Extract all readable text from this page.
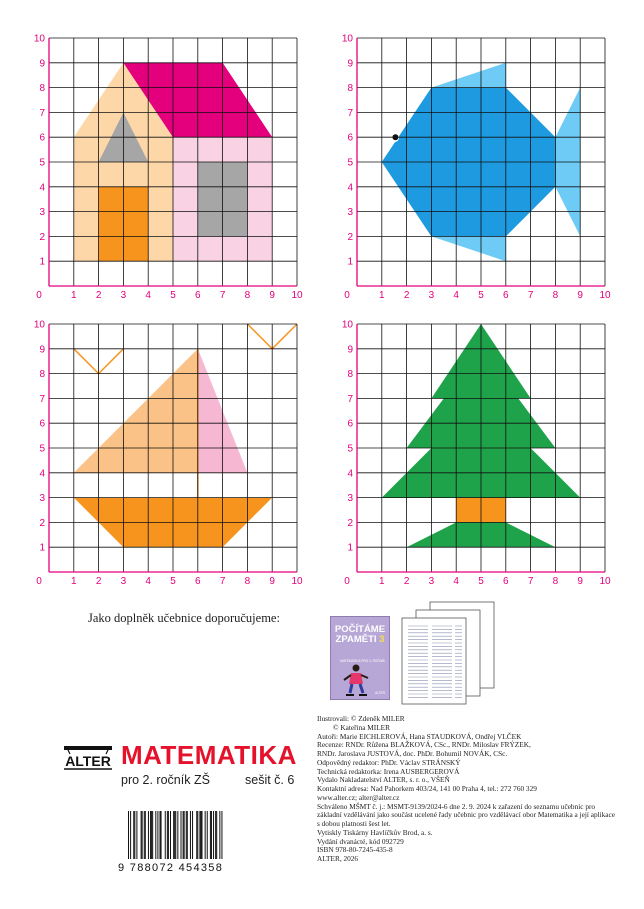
0	1 2 3 4 5 6 7 8 9 10
10
9
8
7
6
5
4
3
2
1
0	1 2 3 4 5 6 7 8 9 10
10
9
8
7
6
5
4
3
2
1
0	1 2 3 4 5 6 7 8 9 10
10
9
8
7
6
5
4
3
2
1
0	1 2 3 4 5 6 7 8 9 10
10
9
8
7
6
5
4
3
2
1
Jako doplněk učebnice doporučujeme:
POČÍTÁME
ZPAMĚTI 3
MATEMATIKA PRO 3. ROČNÍK
ALTER
ALTER MATEMATIKA
pro 2. ročník ZŠ	sešit č. 6
9 788072 454358
Ilustrovali: © Zdeněk MILER
© Kateřina MILER
Autoři: Marie EICHLEROVÁ, Hana STAUDKOVÁ, Ondřej VLČEK
Recenze: RNDr. Růžena BLAŽKOVÁ, CSc., RNDr. Miloslav FRÝZEK,
RNDr. Jaroslava JUSTOVÁ, doc. PhDr. Bohumil NOVÁK, CSc.
Odpovědný redaktor: PhDr. Václav STRÁNSKÝ
Technická redaktorka: Irena AUSBERGEROVÁ
Vydalo Nakladatelství ALTER, s. r. o., VŠEŇ
Kontaktní adresa: Nad Pahorkem 403/24, 141 00 Praha 4, tel.: 272 760 329
www.alter.cz; alter@alter.cz
Schváleno MŠMT č. j.: MSMT-9139/2024-6 dne 2. 9. 2024 k zařazení do seznamu učebnic pro základní vzdělávání jako součást ucelené řady učebnic pro vzdělávací obor Matematika a její aplikace s dobou platnosti šest let.
Vytiskly Tiskárny Havlíčkův Brod, a. s.
Vydání dvanácté, kód 092729
ISBN 978-80-7245-435-8
ALTER, 2026
